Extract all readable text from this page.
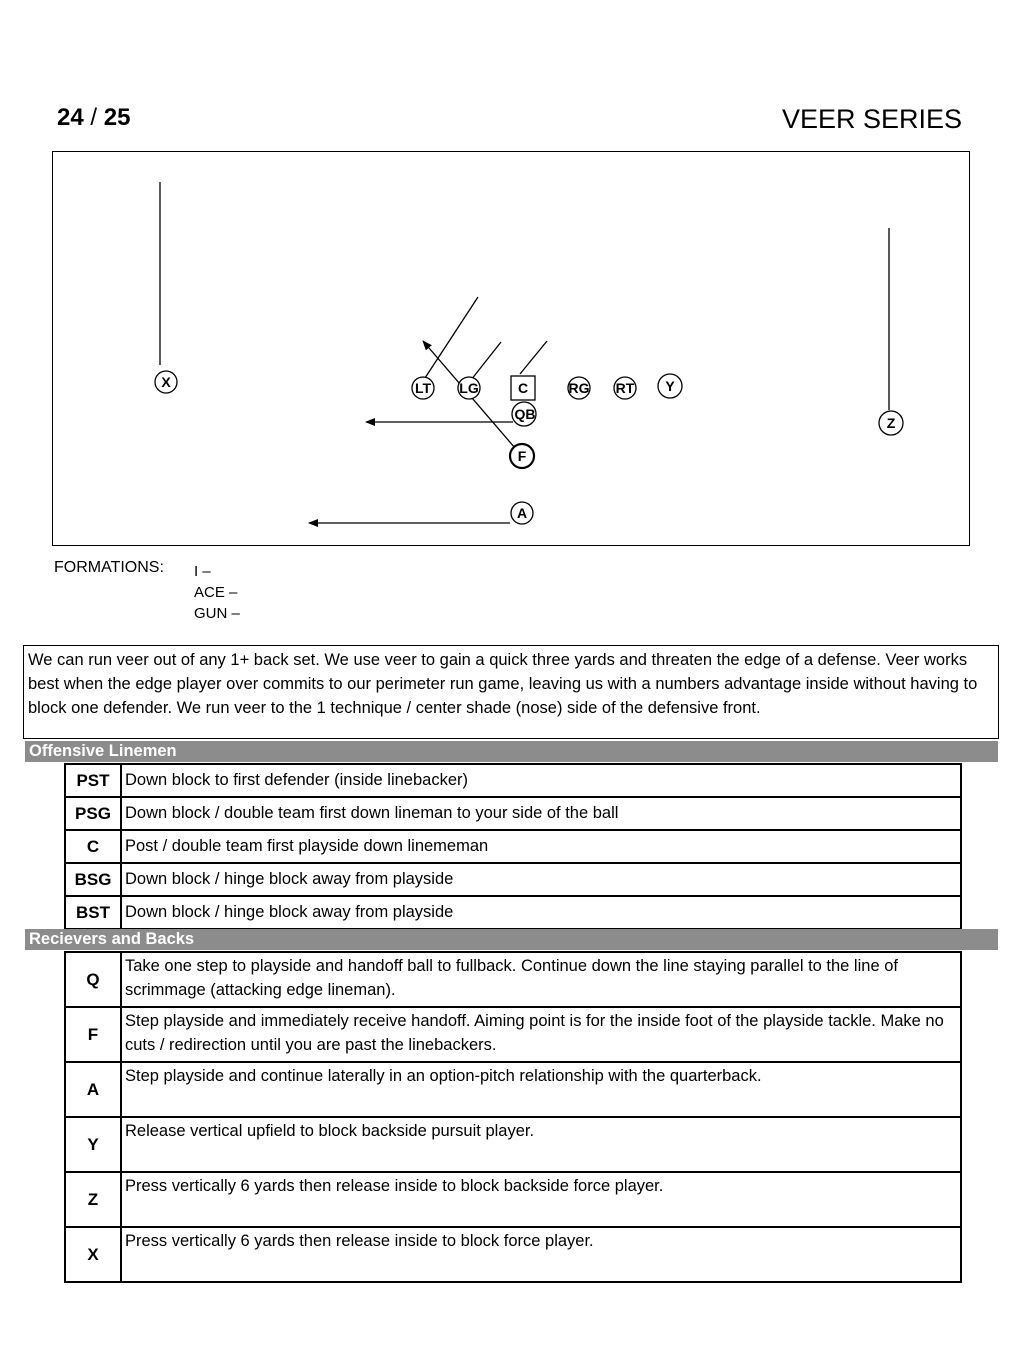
24 / 25	VEER SERIES
X	LT LG	C	RG RT Y
Z
QB
F
A
FORMATIONS: I –
ACE –
GUN –
We can run veer out of any 1+ back set. We use veer to gain a quick three yards and threaten the edge of a defense. Veer works best when the edge player over commits to our perimeter run game, leaving us with a numbers advantage inside without having to block one defender. We run veer to the 1 technique / center shade (nose) side of the defensive front.
Offensive Linemen
PST	Down block to first defender (inside linebacker)
PSG	Down block / double team first down lineman to your side of the ball
C	Post / double team first playside down linememan
BSG	Down block / hinge block away from playside
BST	Down block / hinge block away from playside
Recievers and Backs
Q	Take one step to playside and handoff ball to fullback. Continue down the line staying parallel to the line of scrimmage (attacking edge lineman).
F	Step playside and immediately receive handoff. Aiming point is for the inside foot of the playside tackle. Make no cuts / redirection until you are past the linebackers.
A	Step playside and continue laterally in an option-pitch relationship with the quarterback.
Y	Release vertical upfield to block backside pursuit player.
Z	Press vertically 6 yards then release inside to block backside force player.
X	Press vertically 6 yards then release inside to block force player.
